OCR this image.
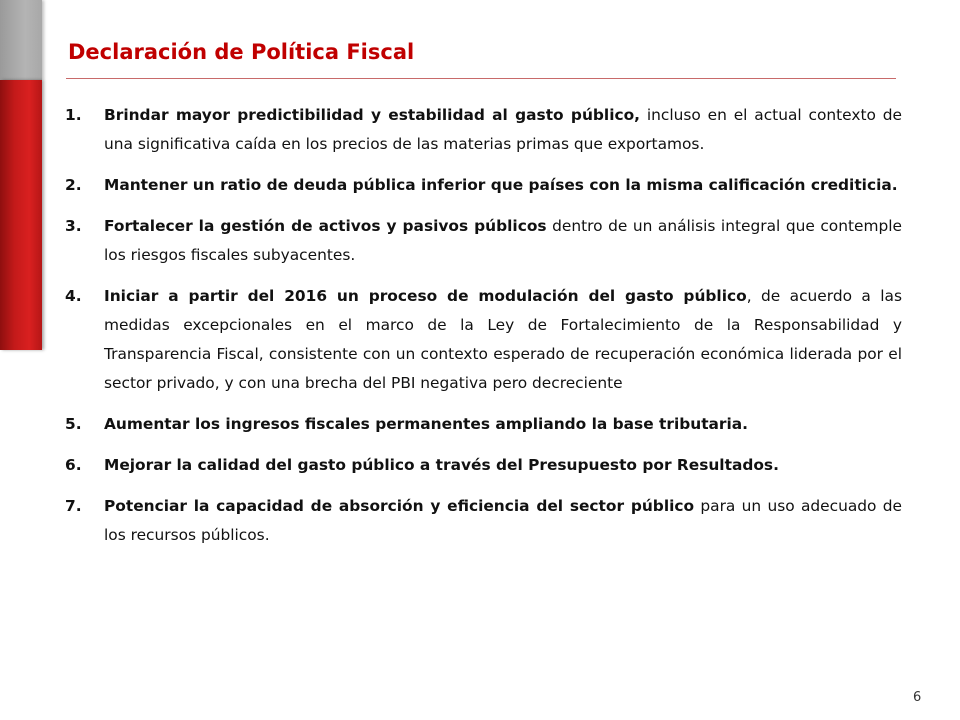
Declaración de Política Fiscal
1. Brindar mayor predictibilidad y estabilidad al gasto público, incluso en el actual contexto de una significativa caída en los precios de las materias primas que exportamos.
2. Mantener un ratio de deuda pública inferior que países con la misma calificación crediticia.
3. Fortalecer la gestión de activos y pasivos públicos dentro de un análisis integral que contemple los riesgos fiscales subyacentes.
4. Iniciar a partir del 2016 un proceso de modulación del gasto público, de acuerdo a las medidas excepcionales en el marco de la Ley de Fortalecimiento de la Responsabilidad y Transparencia Fiscal, consistente con un contexto esperado de recuperación económica liderada por el sector privado, y con una brecha del PBI negativa pero decreciente
5. Aumentar los ingresos fiscales permanentes ampliando la base tributaria.
6. Mejorar la calidad del gasto público a través del Presupuesto por Resultados.
7. Potenciar la capacidad de absorción y eficiencia del sector público para un uso adecuado de los recursos públicos.
6
